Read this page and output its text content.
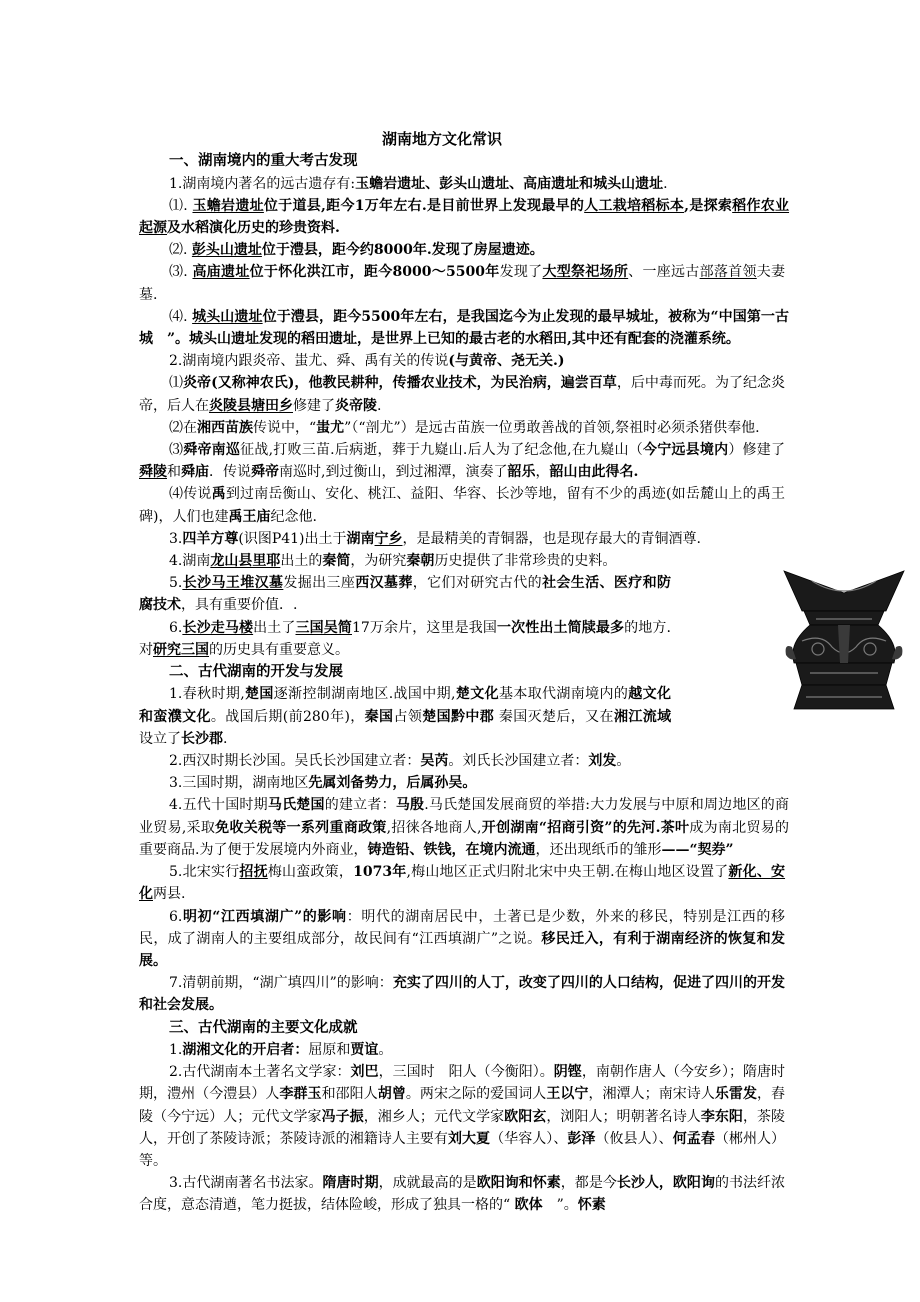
湖南地方文化常识
一、湖南境内的重大考古发现
1.湖南境内著名的远古遗存有:玉蟾岩遗址、彭头山遗址、高庙遗址和城头山遗址.
⑴. 玉蟾岩遗址位于道县,距今1万年左右.是目前世界上发现最早的人工栽培稻标本,是探索稻作农业起源及水稻演化历史的珍贵资料.
⑵. 彭头山遗址位于澧县，距今约8000年.发现了房屋遗迹。
⑶. 高庙遗址位于怀化洪江市，距今8000～5500年发现了大型祭祀场所、一座远古部落首领夫妻墓.
⑷. 城头山遗址位于澧县，距今5500年左右，是我国迄今为止发现的最早城址，被称为“中国第一古城　”。城头山遗址发现的稻田遗址，是世界上已知的最古老的水稻田,其中还有配套的浇灌系统。
2.湖南境内跟炎帝、蚩尤、舜、禹有关的传说(与黄帝、尧无关.)
⑴炎帝(又称神农氏)，他教民耕种，传播农业技术，为民治病，遍尝百草，后中毒而死。为了纪念炎帝，后人在炎陵县塘田乡修建了炎帝陵.
⑵在湘西苗族传说中，“蚩尤”（“剖尤”）是远古苗族一位勇敢善战的首领,祭祖时必须杀猪供奉他.
⑶舜帝南巡征战,打败三苗.后病逝，葬于九嶷山.后人为了纪念他,在九嶷山（今宁远县境内）修建了舜陵和舜庙．传说舜帝南巡时,到过衡山，到过湘潭，演奏了韶乐，韶山由此得名.
⑷传说禹到过南岳衡山、安化、桃江、益阳、华容、长沙等地，留有不少的禹迹(如岳麓山上的禹王碑)，人们也建禹王庙纪念他.
3.四羊方尊(识图P41)出土于湖南宁乡，是最精美的青铜器，也是现存最大的青铜酒尊.
4.湖南龙山县里耶出土的秦简，为研究秦朝历史提供了非常珍贵的史料。
5.长沙马王堆汉墓发掘出三座西汉墓葬，它们对研究古代的社会生活、医疗和防腐技术，具有重要价值．.
6.长沙走马楼出土了三国吴简17万余片，这里是我国一次性出土简牍最多的地方.对研究三国的历史具有重要意义。
二、古代湖南的开发与发展
1.春秋时期,楚国逐渐控制湖南地区.战国中期,楚文化基本取代湖南境内的越文化和蛮濮文化。战国后期(前280年)，秦国占领楚国黔中郡 秦国灭楚后，又在湘江流域设立了长沙郡.
2.西汉时期长沙国。吴氏长沙国建立者：吴芮。刘氏长沙国建立者：刘发。
3.三国时期，湖南地区先属刘备势力，后属孙吴。
4.五代十国时期马氏楚国的建立者：马殷.马氏楚国发展商贸的举措:大力发展与中原和周边地区的商业贸易,采取免收关税等一系列重商政策,招徕各地商人,开创湖南“招商引资”的先河.茶叶成为南北贸易的重要商品.为了便于发展境内外商业，铸造铅、铁钱，在境内流通，还出现纸币的雏形——“契券”
5.北宋实行招抚梅山蛮政策，1073年,梅山地区正式归附北宋中央王朝.在梅山地区设置了新化、安化两县.
6.明初“江西填湖广”的影响：明代的湖南居民中，土著已是少数，外来的移民，特别是江西的移民，成了湖南人的主要组成部分，故民间有“江西填湖广”之说。移民迁入，有利于湖南经济的恢复和发展。
7.清朝前期，“湖广填四川”的影响：充实了四川的人丁，改变了四川的人口结构，促进了四川的开发和社会发展。
三、古代湖南的主要文化成就
1.湖湘文化的开启者：屈原和贾谊。
2.古代湖南本土著名文学家：刘巴，三国时　阳人（今衡阳）。阴铿，南朝作唐人（今安乡）；隋唐时期，澧州（今澧县）人李群玉和邵阳人胡曾。两宋之际的爱国词人王以宁，湘潭人；南宋诗人乐雷发，舂陵（今宁远）人；元代文学家冯子振，湘乡人；元代文学家欧阳玄，浏阳人；明朝著名诗人李东阳，茶陵人，开创了茶陵诗派；茶陵诗派的湘籍诗人主要有刘大夏（华容人）、彭泽（攸县人）、何孟春（郴州人）等。
3.古代湖南著名书法家。隋唐时期，成就最高的是欧阳询和怀素，都是今长沙人，欧阳询的书法纤浓合度，意态清遒，笔力挺拔，结体险峻，形成了独具一格的“ 欧体　”。怀素
